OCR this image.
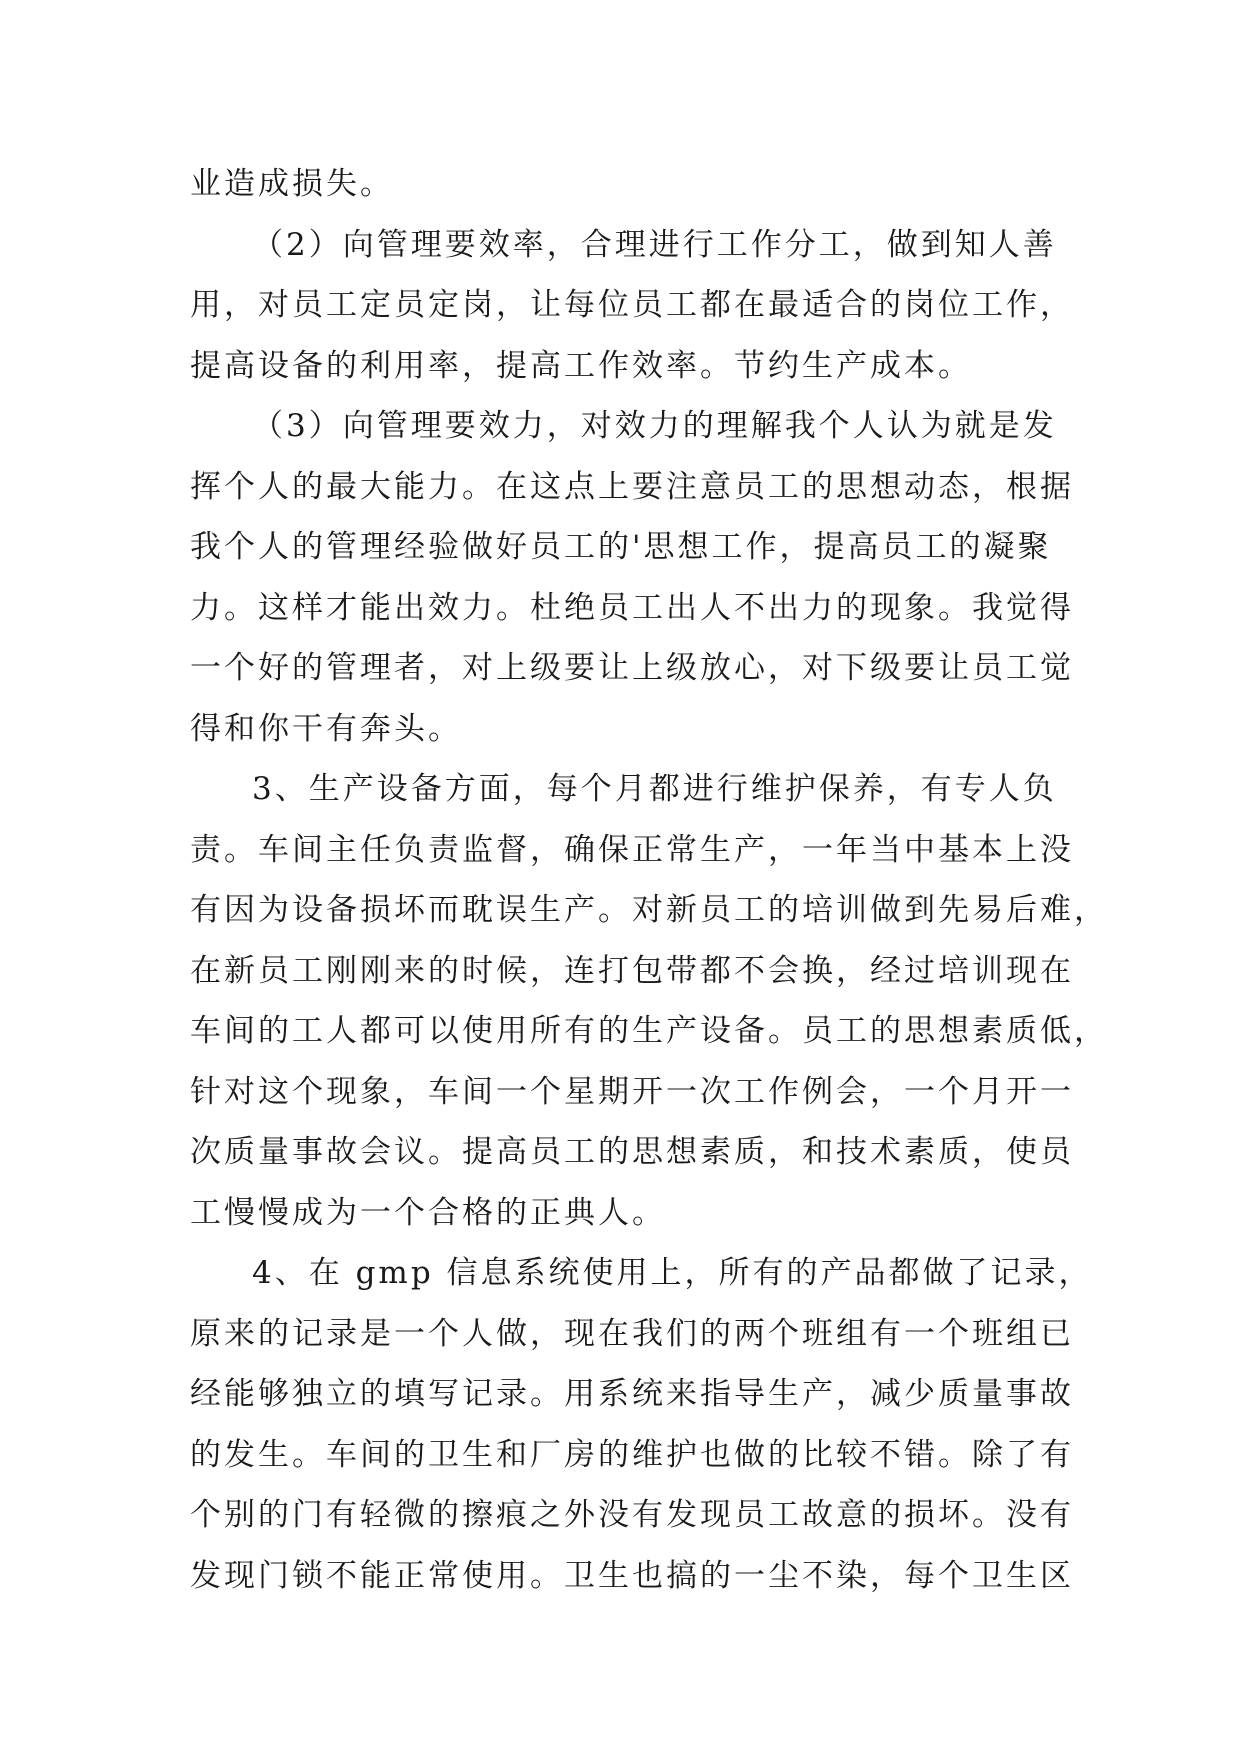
业造成损失。
（2）向管理要效率，合理进行工作分工，做到知人善
用，对员工定员定岗，让每位员工都在最适合的岗位工作，
提高设备的利用率，提高工作效率。节约生产成本。
（3）向管理要效力，对效力的理解我个人认为就是发
挥个人的最大能力。在这点上要注意员工的思想动态，根据
我个人的管理经验做好员工的'思想工作，提高员工的凝聚
力。这样才能出效力。杜绝员工出人不出力的现象。我觉得
一个好的管理者，对上级要让上级放心，对下级要让员工觉
得和你干有奔头。
3、生产设备方面，每个月都进行维护保养，有专人负
责。车间主任负责监督，确保正常生产，一年当中基本上没
有因为设备损坏而耽误生产。对新员工的培训做到先易后难，
在新员工刚刚来的时候，连打包带都不会换，经过培训现在
车间的工人都可以使用所有的生产设备。员工的思想素质低，
针对这个现象，车间一个星期开一次工作例会，一个月开一
次质量事故会议。提高员工的思想素质，和技术素质，使员
工慢慢成为一个合格的正典人。
4、在 gmp 信息系统使用上，所有的产品都做了记录，
原来的记录是一个人做，现在我们的两个班组有一个班组已
经能够独立的填写记录。用系统来指导生产，减少质量事故
的发生。车间的卫生和厂房的维护也做的比较不错。除了有
个别的门有轻微的擦痕之外没有发现员工故意的损坏。没有
发现门锁不能正常使用。卫生也搞的一尘不染，每个卫生区
